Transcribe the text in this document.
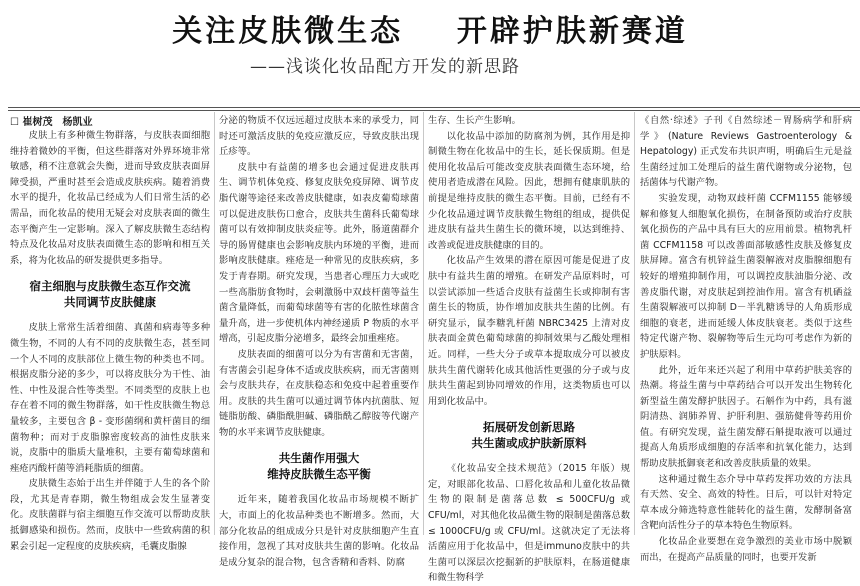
关注皮肤微生态    开辟护肤新赛道
——浅谈化妆品配方开发的新思路
☐ 崔树茂　杨凯业

皮肤上有多种微生物群落，与皮肤表面细胞维持着微妙的平衡，但这些群落对外界环境非常敏感，稍不注意就会失衡，进而导致皮肤表面屏障受损，严重时甚至会造成皮肤疾病。随着消费水平的提升，化妆品已经成为人们日常生活的必需品，而化妆品的使用无疑会对皮肤表面的微生态平衡产生一定影响。深入了解皮肤微生态结构特点及化妆品对皮肤表面微生态的影响和相互关系，将为化妆品的研发提供更多指导。

宿主细胞与皮肤微生态互作交流
共同调节皮肤健康

皮肤上常常生活着细菌、真菌和病毒等多种微生物，不同的人有不同的皮肤微生态，甚至同一个人不同的皮肤部位上微生物的种类也不同。根据皮脂分泌的多少，可以将皮肤分为干性、油性、中性及混合性等类型。不同类型的皮肤上也存在着不同的微生物群落，如干性皮肤微生物总量较多，主要包含 β - 变形菌纲和黄杆菌目的细菌物种；而对于皮脂腺密度较高的油性皮肤来说，皮脂中的脂质大量堆积，主要有葡萄球菌和痤疮丙酸杆菌等消耗脂质的细菌。

皮肤微生态始于出生并伴随于人生的各个阶段，尤其是青春期，微生物组成会发生显著变化。皮肤菌群与宿主细胞互作交流可以帮助皮肤抵御感染和损伤。然而，皮肤中一些致病菌的积累会引起一定程度的皮肤疾病，毛囊皮脂腺

分泌的物质不仅远远超过皮肤本来的承受力，同时还可激活皮肤的免疫应激反应，导致皮肤出现丘疹等。

皮肤中有益菌的增多也会通过促进皮肤再生、调节机体免疫、修复皮肤免疫屏障、调节皮脂代谢等途径来改善皮肤健康，如表皮葡萄球菌可以促进皮肤伤口愈合，皮肤共生菌科氏葡萄球菌可以有效抑制皮肤炎症等。此外，肠道菌群介导的肠胃健康也会影响皮肤内环境的平衡，进而影响皮肤健康。痤疮是一种常见的皮肤疾病，多发于青春期。研究发现，当患者心理压力大或吃一些高脂肪食物时，会刺激肠中双歧杆菌等益生菌含量降低，而葡萄球菌等有害的化脓性球菌含量升高，进一步使机体内神经递质 P 物质的水平增高，引起皮脂分泌增多，最终会加重痤疮。

皮肤表面的细菌可以分为有害菌和无害菌，有害菌会引起身体不适或皮肤疾病，而无害菌则会与皮肤共存，在皮肤稳态和免疫中起着重要作用。皮肤的共生菌可以通过调节体内抗菌肽、短链脂肪酸、磷脂酰胆碱、磷脂酰乙醇胺等代谢产物的水平来调节皮肤健康。

共生菌作用强大
维持皮肤微生态平衡

近年来，随着我国化妆品市场规模不断扩大，市面上的化妆品种类也不断增多。然而，大部分化妆品的组成成分只是针对皮肤细胞产生直接作用，忽视了其对皮肤共生菌的影响。化妆品是成分复杂的混合物，包含香精和香料、防腐

生存、生长产生影响。

以化妆品中添加的防腐剂为例，其作用是抑制微生物在化妆品中的生长，延长保质期。但是使用化妆品后可能改变皮肤表面微生态环境，给使用者造成潜在风险。因此，想拥有健康肌肤的前提是维持皮肤的微生态平衡。目前，已经有不少化妆品通过调节皮肤微生物组的组成，提供促进皮肤有益共生菌生长的微环境，以达到维持、改善或促进皮肤健康的目的。

化妆品产生效果的潜在原因可能是促进了皮肤中有益共生菌的增殖。在研发产品原料时，可以尝试添加一些适合皮肤有益菌生长或抑制有害菌生长的物质，协作增加皮肤共生菌的比例。有研究显示，鼠李糖乳杆菌 NBRC3425 上清对皮肤表面金黄色葡萄球菌的抑制效果与乙酸处理相近。同样，一些大分子或草本提取成分可以被皮肤共生菌代谢转化成其他活性更强的分子或与皮肤共生菌起到协同增效的作用，这类物质也可以用到化妆品中。

拓展研发创新思路
共生菌或成护肤新原料

《化妆品安全技术规范》（2015 年版）规定，对眼部化妆品、口唇化妆品和儿童化妆品微生物的限制是菌落总数 ≤ 500CFU/g 或 CFU/ml，对其他化妆品微生物的限制是菌落总数 ≤ 1000CFU/g 或 CFU/ml。这就决定了无法将活菌应用于化妆品中，但是immuno皮肤中的共生菌可以深层次挖掘新的护肤原料，在肠道健康和微生物科学

《自然·综述》子刊《自然综述－胃肠病学和肝病学》(Nature Reviews Gastroenterology & Hepatology) 正式发布共识声明，明确后生元是益生菌经过加工处理后的益生菌代谢物或分泌物，包括菌体与代谢产物。

实验发现，动物双歧杆菌 CCFM1155 能够缓解和修复人细胞氧化损伤，在制备预防或治疗皮肤氧化损伤的产品中具有巨大的应用前景。植物乳杆菌 CCFM1158 可以改善面部敏感性皮肤及修复皮肤屏障。富含有机锌益生菌裂解液对皮脂腺细胞有较好的增殖抑制作用，可以调控皮肤油脂分泌、改善皮脂代谢，对皮肤起到控油作用。富含有机硒益生菌裂解液可以抑制 D－半乳糖诱导的人角质形成细胞的衰老，进而延缓人体皮肤衰老。类似于这些特定代谢产物、裂解物等后生元均可考虑作为新的护肤原料。

此外，近年来还兴起了利用中草药护肤美容的热潮。将益生菌与中草药结合可以开发出生物转化新型益生菌发酵护肤因子。石斛作为中药，具有滋阴清热、润肺养胃、护肝利胆、强筋健骨等药用价值。有研究发现，益生菌发酵石斛提取液可以通过提高人角质形成细胞的存活率和抗氧化能力，达到帮助皮肤抵御衰老和改善皮肤质量的效果。

这种通过微生态介导中草药发挥功效的方法具有天然、安全、高效的特性。日后，可以针对特定草本成分筛选特意性能转化的益生菌，发酵制备富含靶向活性分子的草本特色生物原料。

化妆品企业要想在竞争激烈的美业市场中脱颖而出，在提高产品质量的同时，也要开发新
